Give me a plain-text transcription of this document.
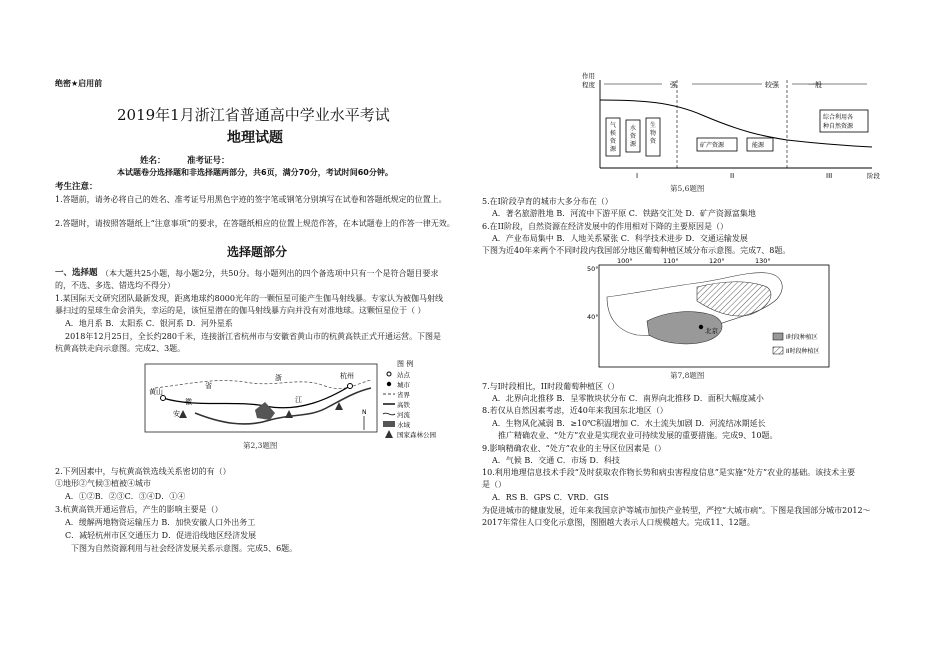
绝密★启用前
2019年1月浙江省普通高中学业水平考试
地理试题
姓名：	准考证号：
本试题卷分选择题和非选择题两部分，共6页，满分70分，考试时间60分钟。
考生注意：
1.答题前，请务必将自己的姓名、准考证号用黑色字迹的签字笔或钢笔分别填写在试卷和答题纸规定的位置上。
2.答题时，请按照答题纸上“注意事项”的要求，在答题纸相应的位置上规范作答，在本试题卷上的作答一律无效。
选择题部分
一、选择题 （本大题共25小题，每小题2分，共50分。每小题列出的四个备选项中只有一个是符合题目要求
的，不选、多选、错选均不得分）
1.某国际天文研究团队最新发现，距离地球约8000光年的一颗恒星可能产生伽马射线暴。专家认为被伽马射线
暴扫过的星球生命会消失，幸运的是，该恒星潜在的伽马射线暴方向并没有对准地球。这颗恒星位于（ ）
A．地月系 B．太阳系 C．银河系 D．河外星系
2018年12月25日，全长约280千米，连接浙江省杭州市与安徽省黄山市的杭黄高铁正式开通运营。下图是
杭黄高铁走向示意图。完成2、3题。
黄山
杭州
徽
安
省
浙
江
N
图 例
站点
城市
省界
高铁
河流
水域
国家森林公园
第2,3题图
2.下列因素中，与杭黄高铁选线关系密切的有（）
①地形②气候③植被④城市
A．①②B．②③C．③④D．①④
3.杭黄高铁开通运营后，产生的影响主要是（）
A．缓解两地物资运输压力 B．加快安徽人口外出务工
C．减轻杭州市区交通压力 D．促进沿线地区经济发展
下图为自然资源利用与社会经济发展关系示意图。完成5、6题。
作用
程度	强	较强	一般
气
候
资
源
水
资
源
生
物
资
矿产资源	能源
综合利用各
种自然资源
I	II	III	阶段
第5,6题图
5.在I阶段孕育的城市大多分布在（）
A．著名旅游胜地 B．河流中下游平原 C．铁路交汇处 D．矿产资源富集地
6.在II阶段，自然资源在经济发展中的作用相对下降的主要原因是（）
A．产业布局集中 B．人地关系紧张 C．科学技术进步 D．交通运输发展
下图为近40年来两个不同时段内我国部分地区葡萄种植区域分布示意图。完成7、8题。
100°	110°	120°	130°
50°
40°
北京
I时段种植区
II时段种植区
第7,8题图
7.与I时段相比，II时段葡萄种植区（）
A．北界向北推移 B．呈零散块状分布 C．南界向北推移 D．面积大幅度减小
8.若仅从自然因素考虑，近40年来我国东北地区（）
A．生物风化减弱 B．≥10℃积温增加 C．水土流失加剧 D．河流结冰期延长
推广精确农业、“处方”农业是实现农业可持续发展的重要措施。完成9、10题。
9.影响精确农业、“处方”农业的主导区位因素是（）
A．气候 B．交通 C．市场 D．科技
10.利用地理信息技术手段“及时获取农作物长势和病虫害程度信息”是实施“处方”农业的基础。该技术主要
是（）
A．RS B．GPS C．VRD．GIS
为促进城市的健康发展，近年来我国京沪等城市加快产业转型，严控“大城市病”。下图是我国部分城市2012～
2017年常住人口变化示意图，图圈越大表示人口规模越大。完成11、12题。
